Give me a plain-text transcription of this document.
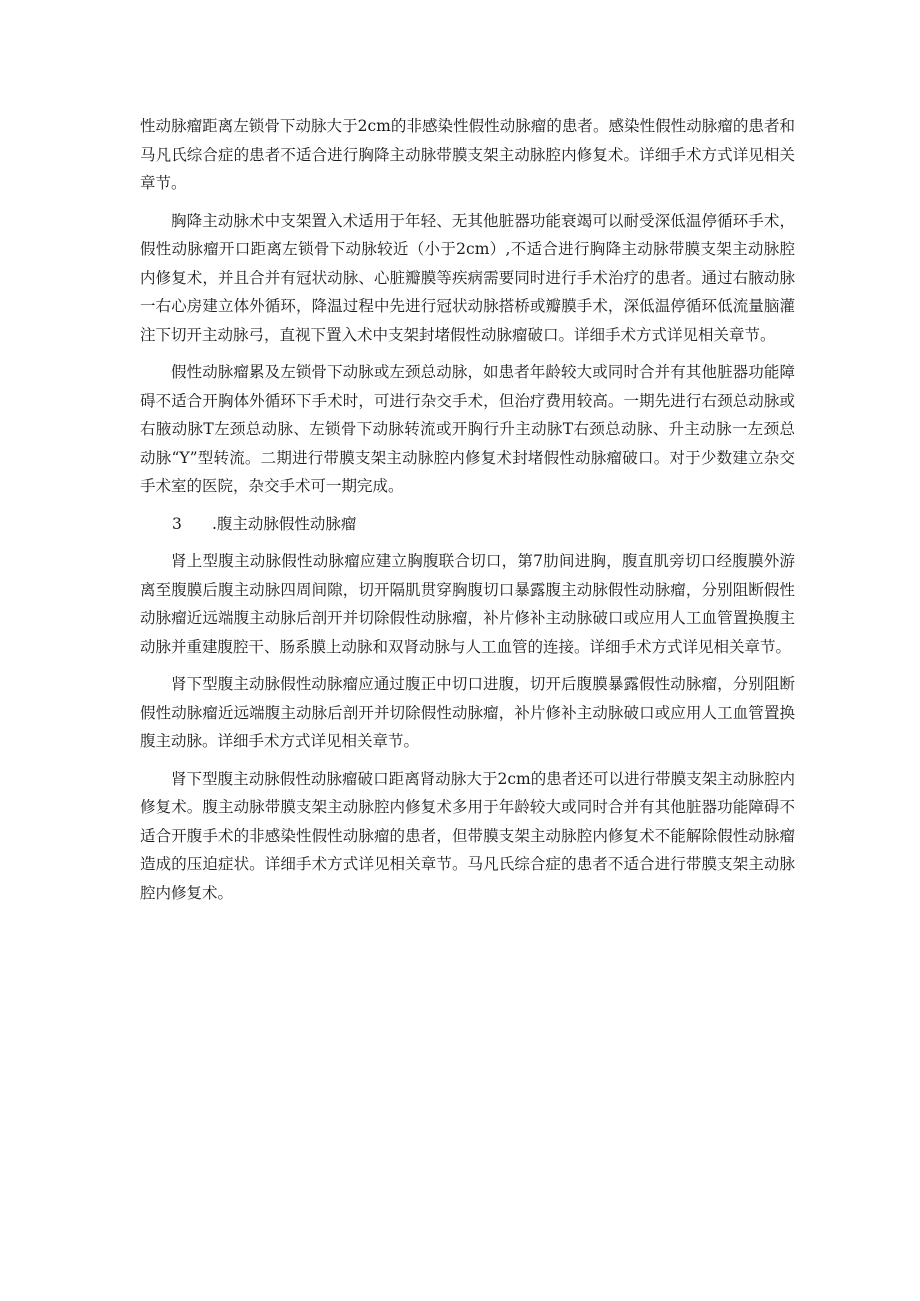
性动脉瘤距离左锁骨下动脉大于2cm的非感染性假性动脉瘤的患者。感染性假性动脉瘤的患者和马凡氏综合症的患者不适合进行胸降主动脉带膜支架主动脉腔内修复术。详细手术方式详见相关章节。

胸降主动脉术中支架置入术适用于年轻、无其他脏器功能衰竭可以耐受深低温停循环手术，假性动脉瘤开口距离左锁骨下动脉较近（小于2cm）,不适合进行胸降主动脉带膜支架主动脉腔内修复术，并且合并有冠状动脉、心脏瓣膜等疾病需要同时进行手术治疗的患者。通过右腋动脉一右心房建立体外循环，降温过程中先进行冠状动脉搭桥或瓣膜手术，深低温停循环低流量脑灌注下切开主动脉弓，直视下置入术中支架封堵假性动脉瘤破口。详细手术方式详见相关章节。

假性动脉瘤累及左锁骨下动脉或左颈总动脉，如患者年龄较大或同时合并有其他脏器功能障碍不适合开胸体外循环下手术时，可进行杂交手术，但治疗费用较高。一期先进行右颈总动脉或右腋动脉T左颈总动脉、左锁骨下动脉转流或开胸行升主动脉T右颈总动脉、升主动脉一左颈总动脉“Y”型转流。二期进行带膜支架主动脉腔内修复术封堵假性动脉瘤破口。对于少数建立杂交手术室的医院，杂交手术可一期完成。

3 .腹主动脉假性动脉瘤

肾上型腹主动脉假性动脉瘤应建立胸腹联合切口，第7肋间进胸，腹直肌旁切口经腹膜外游离至腹膜后腹主动脉四周间隙，切开隔肌贯穿胸腹切口暴露腹主动脉假性动脉瘤，分别阻断假性动脉瘤近远端腹主动脉后剖开并切除假性动脉瘤，补片修补主动脉破口或应用人工血管置换腹主动脉并重建腹腔干、肠系膜上动脉和双肾动脉与人工血管的连接。详细手术方式详见相关章节。

肾下型腹主动脉假性动脉瘤应通过腹正中切口进腹，切开后腹膜暴露假性动脉瘤，分别阻断假性动脉瘤近远端腹主动脉后剖开并切除假性动脉瘤，补片修补主动脉破口或应用人工血管置换腹主动脉。详细手术方式详见相关章节。

肾下型腹主动脉假性动脉瘤破口距离肾动脉大于2cm的患者还可以进行带膜支架主动脉腔内修复术。腹主动脉带膜支架主动脉腔内修复术多用于年龄较大或同时合并有其他脏器功能障碍不适合开腹手术的非感染性假性动脉瘤的患者，但带膜支架主动脉腔内修复术不能解除假性动脉瘤造成的压迫症状。详细手术方式详见相关章节。马凡氏综合症的患者不适合进行带膜支架主动脉腔内修复术。
